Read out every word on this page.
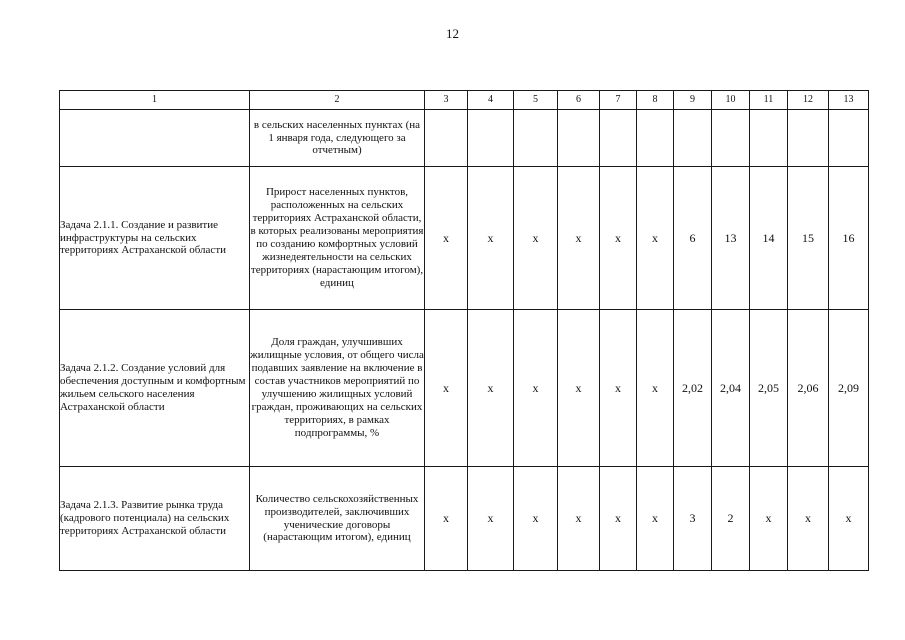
12
1	2	3	4	5	6	7	8	9	10	11	12	13
	в сельских населенных пунктах (на 1 января года, следующего за отчетным)											
Задача 2.1.1. Создание и развитие инфраструктуры на сельских территориях Астраханской области	Прирост населенных пунктов, расположенных на сельских территориях Астраханской области, в которых реализованы мероприятия по созданию комфортных условий жизнедеятельности на сельских территориях (нарастающим итогом), единиц	х	х	х	х	х	х	6	13	14	15	16
Задача 2.1.2. Создание условий для обеспечения доступным и комфортным жильем сельского населения Астраханской области	Доля граждан, улучшивших жилищные условия, от общего числа подавших заявление на включение в состав участников мероприятий по улучшению жилищных условий граждан, проживающих на сельских территориях, в рамках подпрограммы, %	х	х	х	х	х	х	2,02	2,04	2,05	2,06	2,09
Задача 2.1.3. Развитие рынка труда (кадрового потенциала) на сельских территориях Астраханской области	Количество сельскохозяйственных производителей, заключивших ученические договоры (нарастающим итогом), единиц	х	х	х	х	х	х	3	2	х	х	х
